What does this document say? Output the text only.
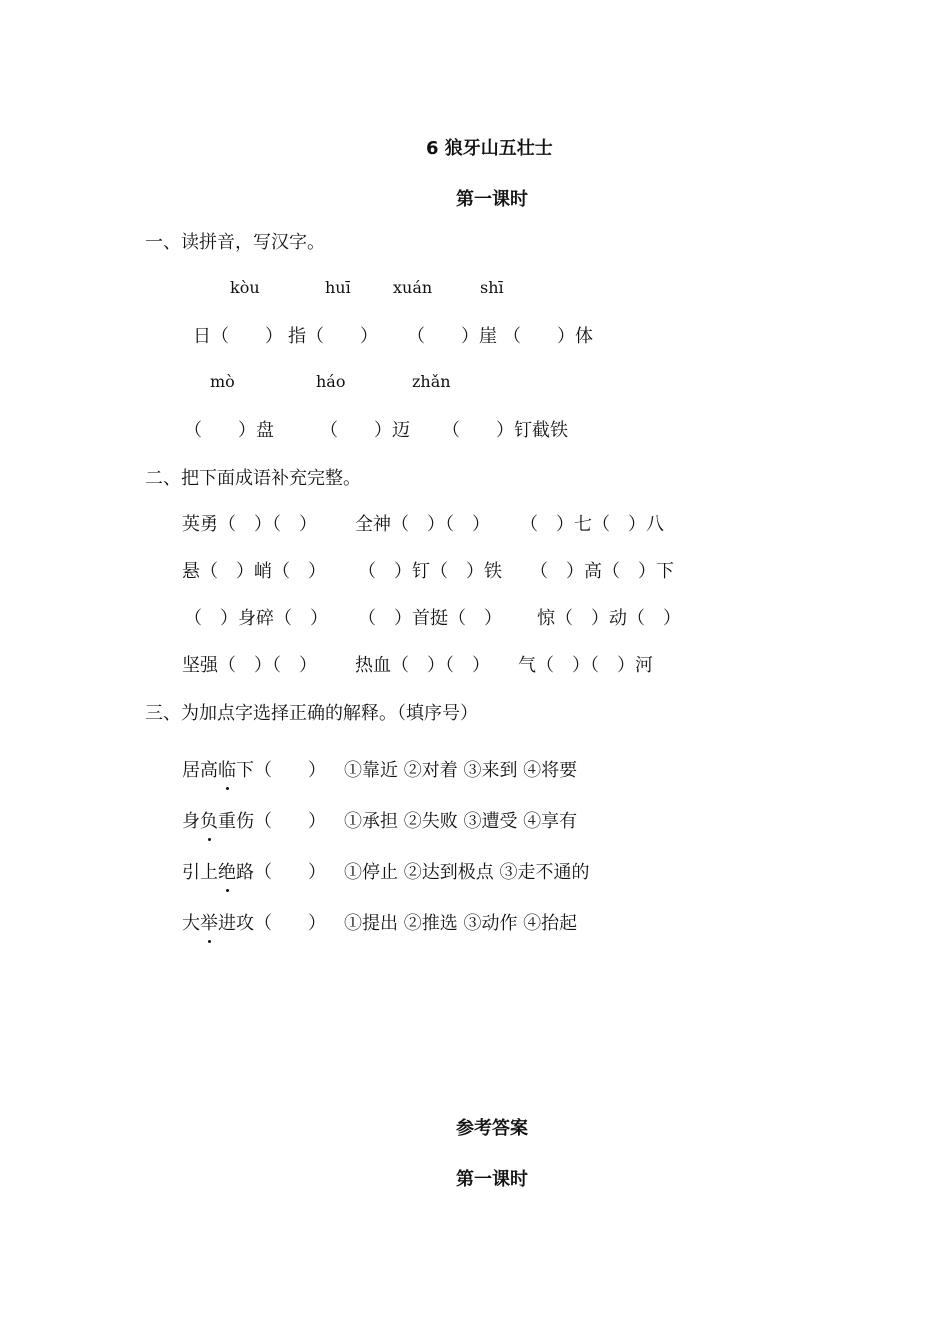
6 狼牙山五壮士
第一课时
一、读拼音，写汉字。
kòu	huī	xuán	shī
日（　　） 指（　　） （　　）崖 （　　）体
mò	háo	zhǎn
（　　）盘	（　　）迈 （　　）钉截铁
二、把下面成语补充完整。
英勇（　）（　） 全神（　）（　） （　）七（　）八
悬（　）峭（　） （　）钉（　）铁 （　）高（　）下
（　）身碎（　） （　）首挺（　） 惊（　）动（　）
坚强（　）（　） 热血（　）（　） 气（　）（　）河
三、为加点字选择正确的解释。（填序号）
居高临下（　　） ①靠近 ②对着 ③来到 ④将要
身负重伤（　　） ①承担 ②失败 ③遭受 ④享有
引上绝路（　　） ①停止 ②达到极点 ③走不通的
大举进攻（　　） ①提出 ②推选 ③动作 ④抬起
参考答案
第一课时
